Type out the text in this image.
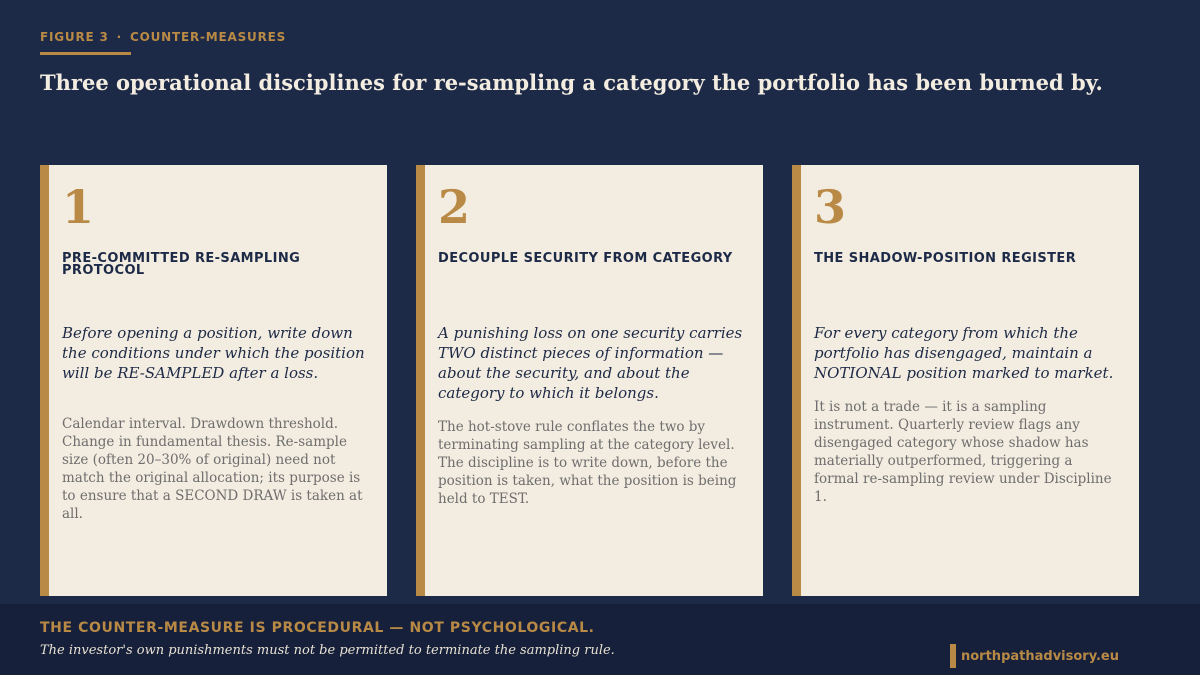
FIGURE 3 · COUNTER-MEASURES
Three operational disciplines for re-sampling a category the portfolio has been burned by.
1
PRE-COMMITTED RE-SAMPLING PROTOCOL
Before opening a position, write down the conditions under which the position will be RE-SAMPLED after a loss.
Calendar interval. Drawdown threshold. Change in fundamental thesis. Re-sample size (often 20–30% of original) need not match the original allocation; its purpose is to ensure that a SECOND DRAW is taken at all.
2
DECOUPLE SECURITY FROM CATEGORY
A punishing loss on one security carries TWO distinct pieces of information — about the security, and about the category to which it belongs.
The hot-stove rule conflates the two by terminating sampling at the category level. The discipline is to write down, before the position is taken, what the position is being held to TEST.
3
THE SHADOW-POSITION REGISTER
For every category from which the portfolio has disengaged, maintain a NOTIONAL position marked to market.
It is not a trade — it is a sampling instrument. Quarterly review flags any disengaged category whose shadow has materially outperformed, triggering a formal re-sampling review under Discipline 1.
THE COUNTER-MEASURE IS PROCEDURAL — NOT PSYCHOLOGICAL.
The investor's own punishments must not be permitted to terminate the sampling rule.	northpathadvisory.eu
